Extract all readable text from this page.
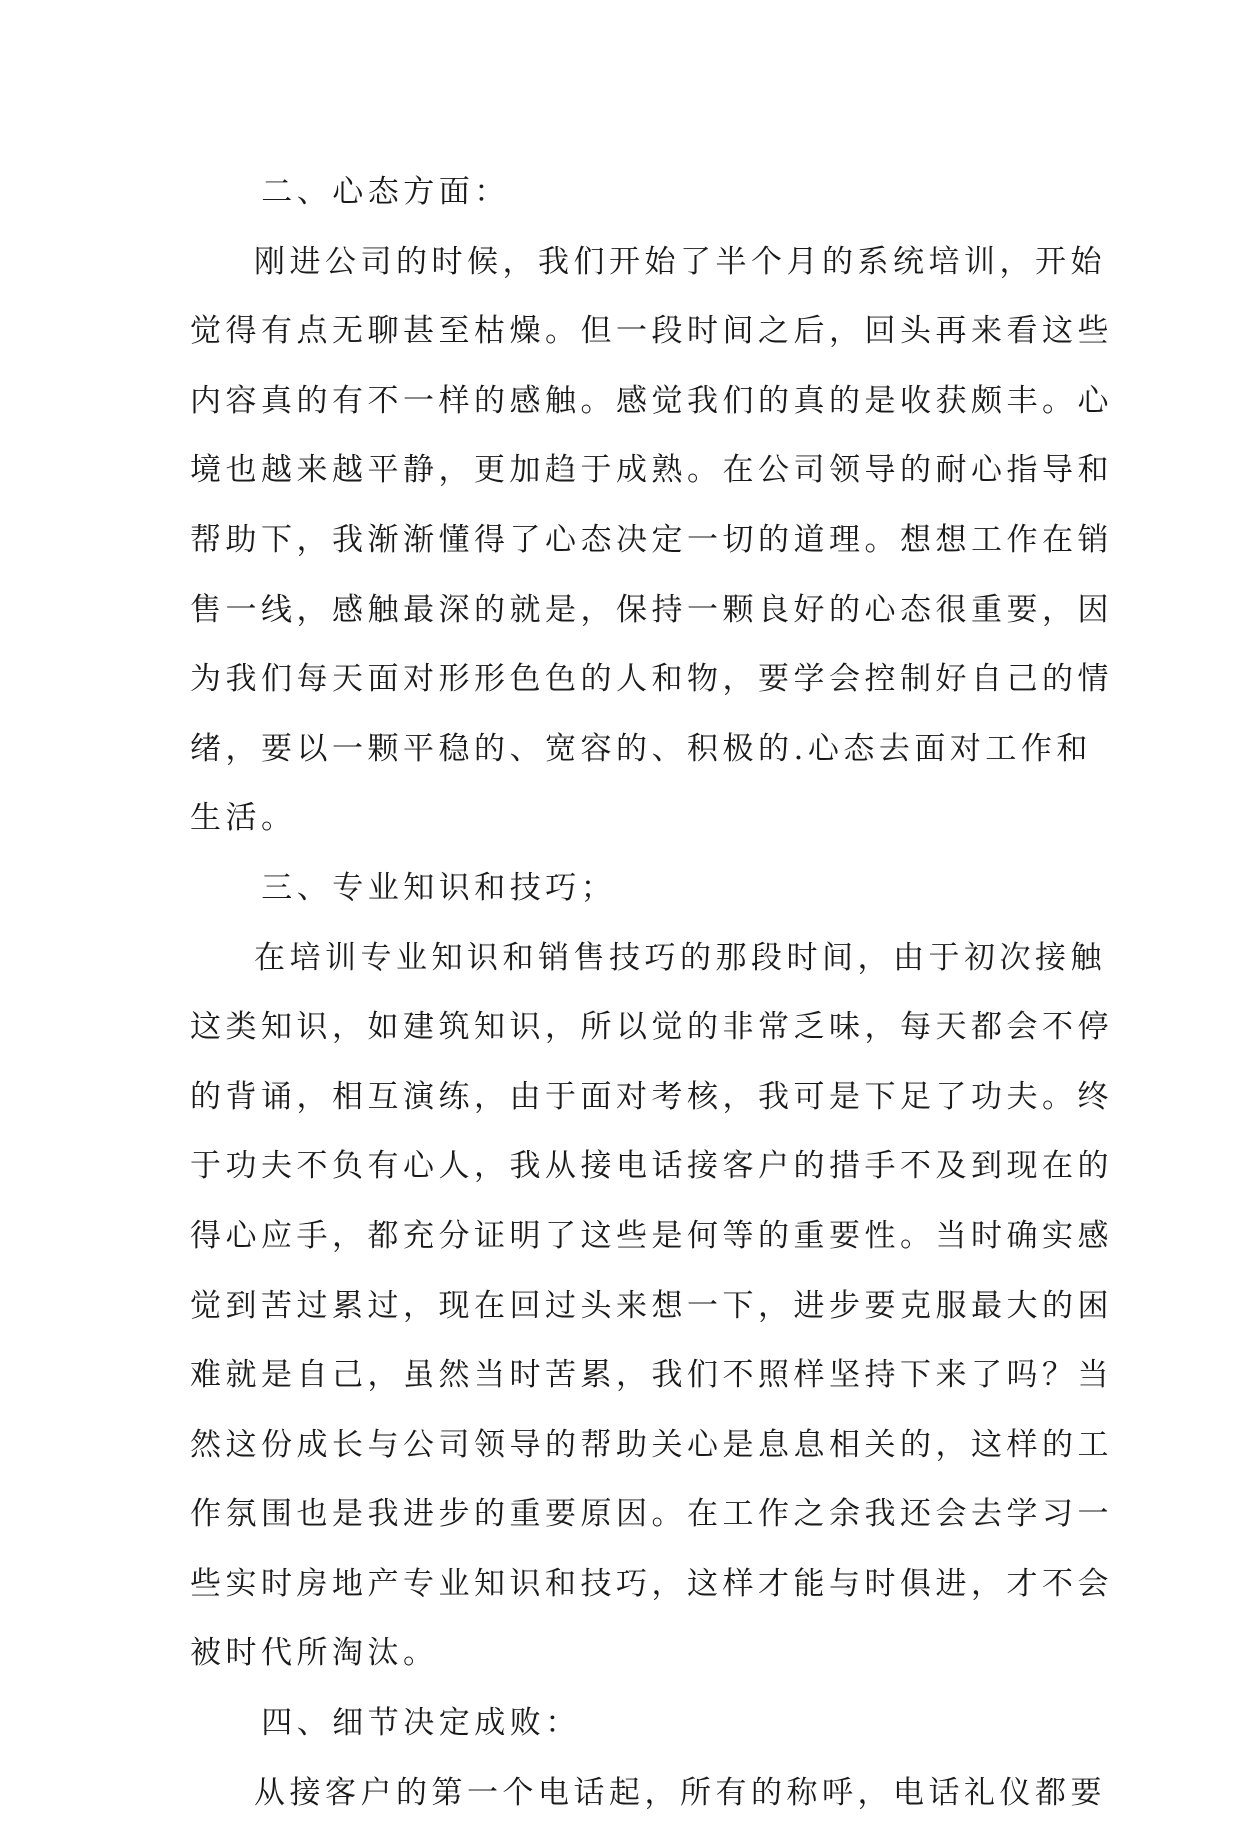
二、心态方面：
刚进公司的时候，我们开始了半个月的系统培训，开始
觉得有点无聊甚至枯燥。但一段时间之后，回头再来看这些
内容真的有不一样的感触。感觉我们的真的是收获颇丰。心
境也越来越平静，更加趋于成熟。在公司领导的耐心指导和
帮助下，我渐渐懂得了心态决定一切的道理。想想工作在销
售一线，感触最深的就是，保持一颗良好的心态很重要，因
为我们每天面对形形色色的人和物，要学会控制好自己的情
绪，要以一颗平稳的、宽容的、积极的.心态去面对工作和
生活。
三、专业知识和技巧；
在培训专业知识和销售技巧的那段时间，由于初次接触
这类知识，如建筑知识，所以觉的非常乏味，每天都会不停
的背诵，相互演练，由于面对考核，我可是下足了功夫。终
于功夫不负有心人，我从接电话接客户的措手不及到现在的
得心应手，都充分证明了这些是何等的重要性。当时确实感
觉到苦过累过，现在回过头来想一下，进步要克服最大的困
难就是自己，虽然当时苦累，我们不照样坚持下来了吗？当
然这份成长与公司领导的帮助关心是息息相关的，这样的工
作氛围也是我进步的重要原因。在工作之余我还会去学习一
些实时房地产专业知识和技巧，这样才能与时俱进，才不会
被时代所淘汰。
四、细节决定成败：
从接客户的第一个电话起，所有的称呼，电话礼仪都要
